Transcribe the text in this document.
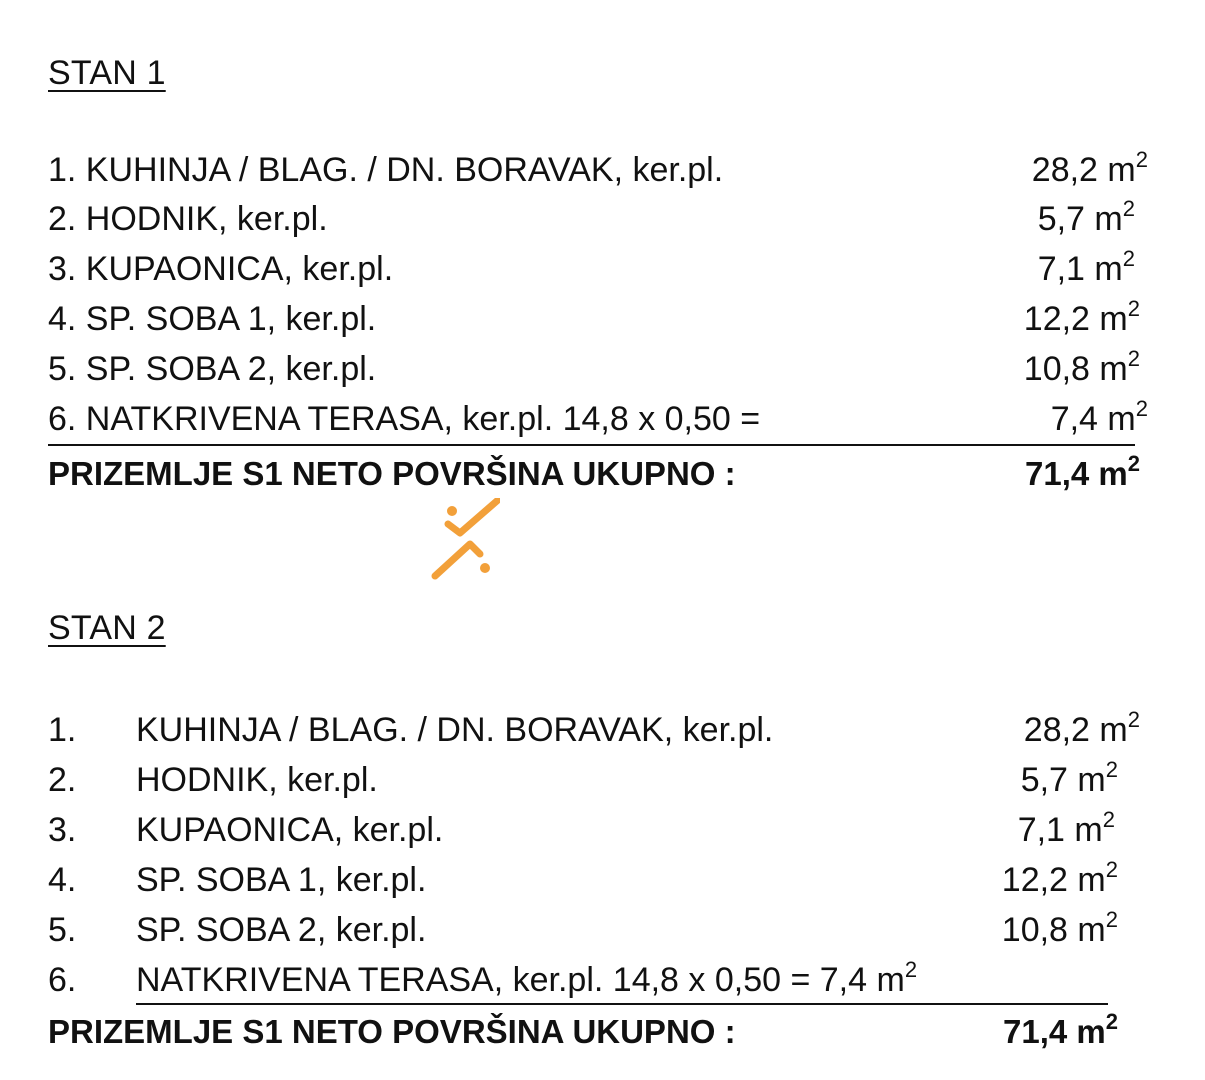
STAN 1
1. KUHINJA / BLAG. / DN. BORAVAK, ker.pl.	28,2 $m^2$
2. HODNIK, ker.pl.	5,7 $m^2$
3. KUPAONICA, ker.pl.	7,1 $m^2$
4. SP. SOBA 1, ker.pl.	12,2 $m^2$
5. SP. SOBA 2, ker.pl.	10,8 $m^2$
6. NATKRIVENA TERASA, ker.pl. 14,8 x 0,50 =	7,4 $m^2$
PRIZEMLJE S1 NETO POVRŠINA UKUPNO :	71,4 $m^2$
STAN 2
1. KUHINJA / BLAG. / DN. BORAVAK, ker.pl.	28,2 $m^2$
2. HODNIK, ker.pl.	5,7 $m^2$
3. KUPAONICA, ker.pl.	7,1 $m^2$
4. SP. SOBA 1, ker.pl.	12,2 $m^2$
5. SP. SOBA 2, ker.pl.	10,8 $m^2$
6. NATKRIVENA TERASA, ker.pl. 14,8 x 0,50 = 7,4 $m^2$
PRIZEMLJE S1 NETO POVRŠINA UKUPNO :	71,4 $m^2$
